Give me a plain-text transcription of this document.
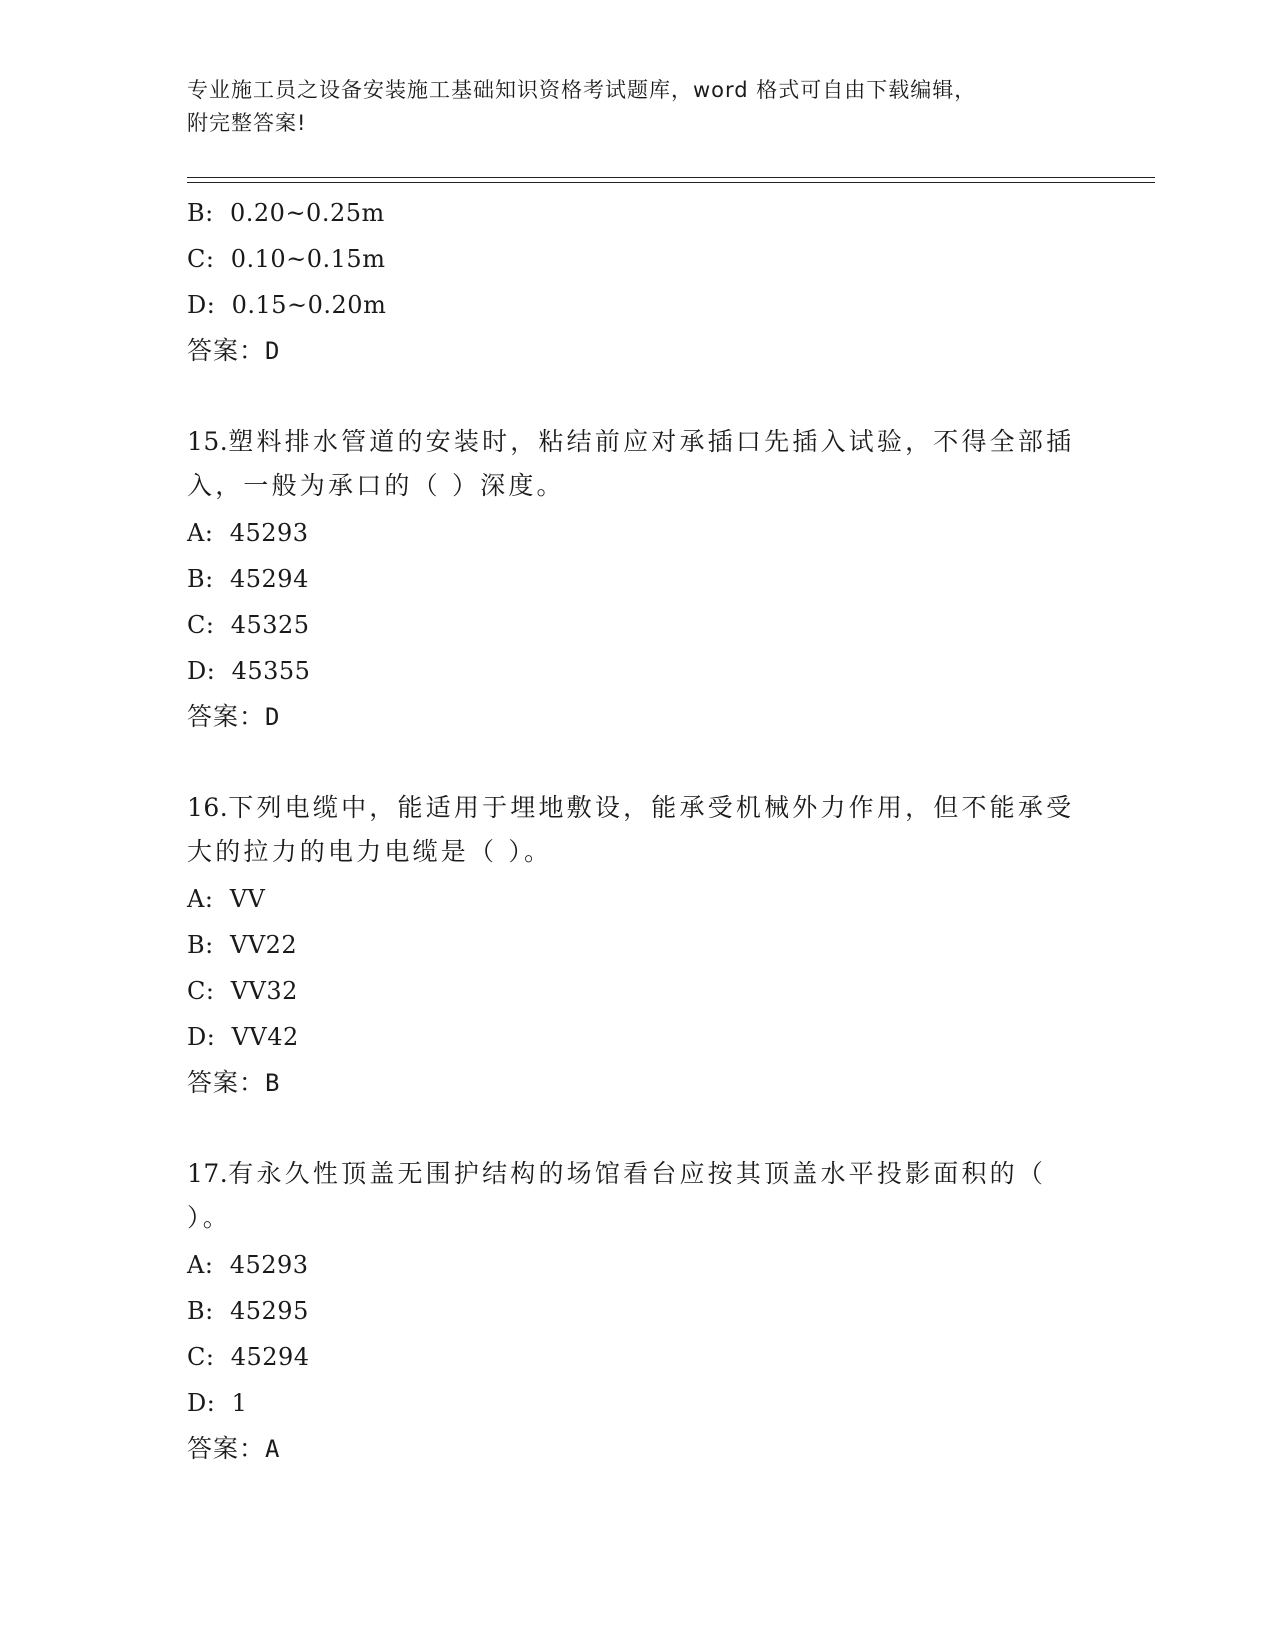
专业施工员之设备安装施工基础知识资格考试题库，word 格式可自由下载编辑，
附完整答案!
B: 0.20~0.25m
C: 0.10~0.15m
D: 0.15~0.20m
答案：D
15.塑料排水管道的安装时，粘结前应对承插口先插入试验，不得全部插入，一般为承口的（ ）深度。
A: 45293
B: 45294
C: 45325
D: 45355
答案：D
16.下列电缆中，能适用于埋地敷设，能承受机械外力作用，但不能承受大的拉力的电力电缆是（ ）。
A: VV
B: VV22
C: VV32
D: VV42
答案：B
17.有永久性顶盖无围护结构的场馆看台应按其顶盖水平投影面积的（ ）。
A: 45293
B: 45295
C: 45294
D: 1
答案：A
